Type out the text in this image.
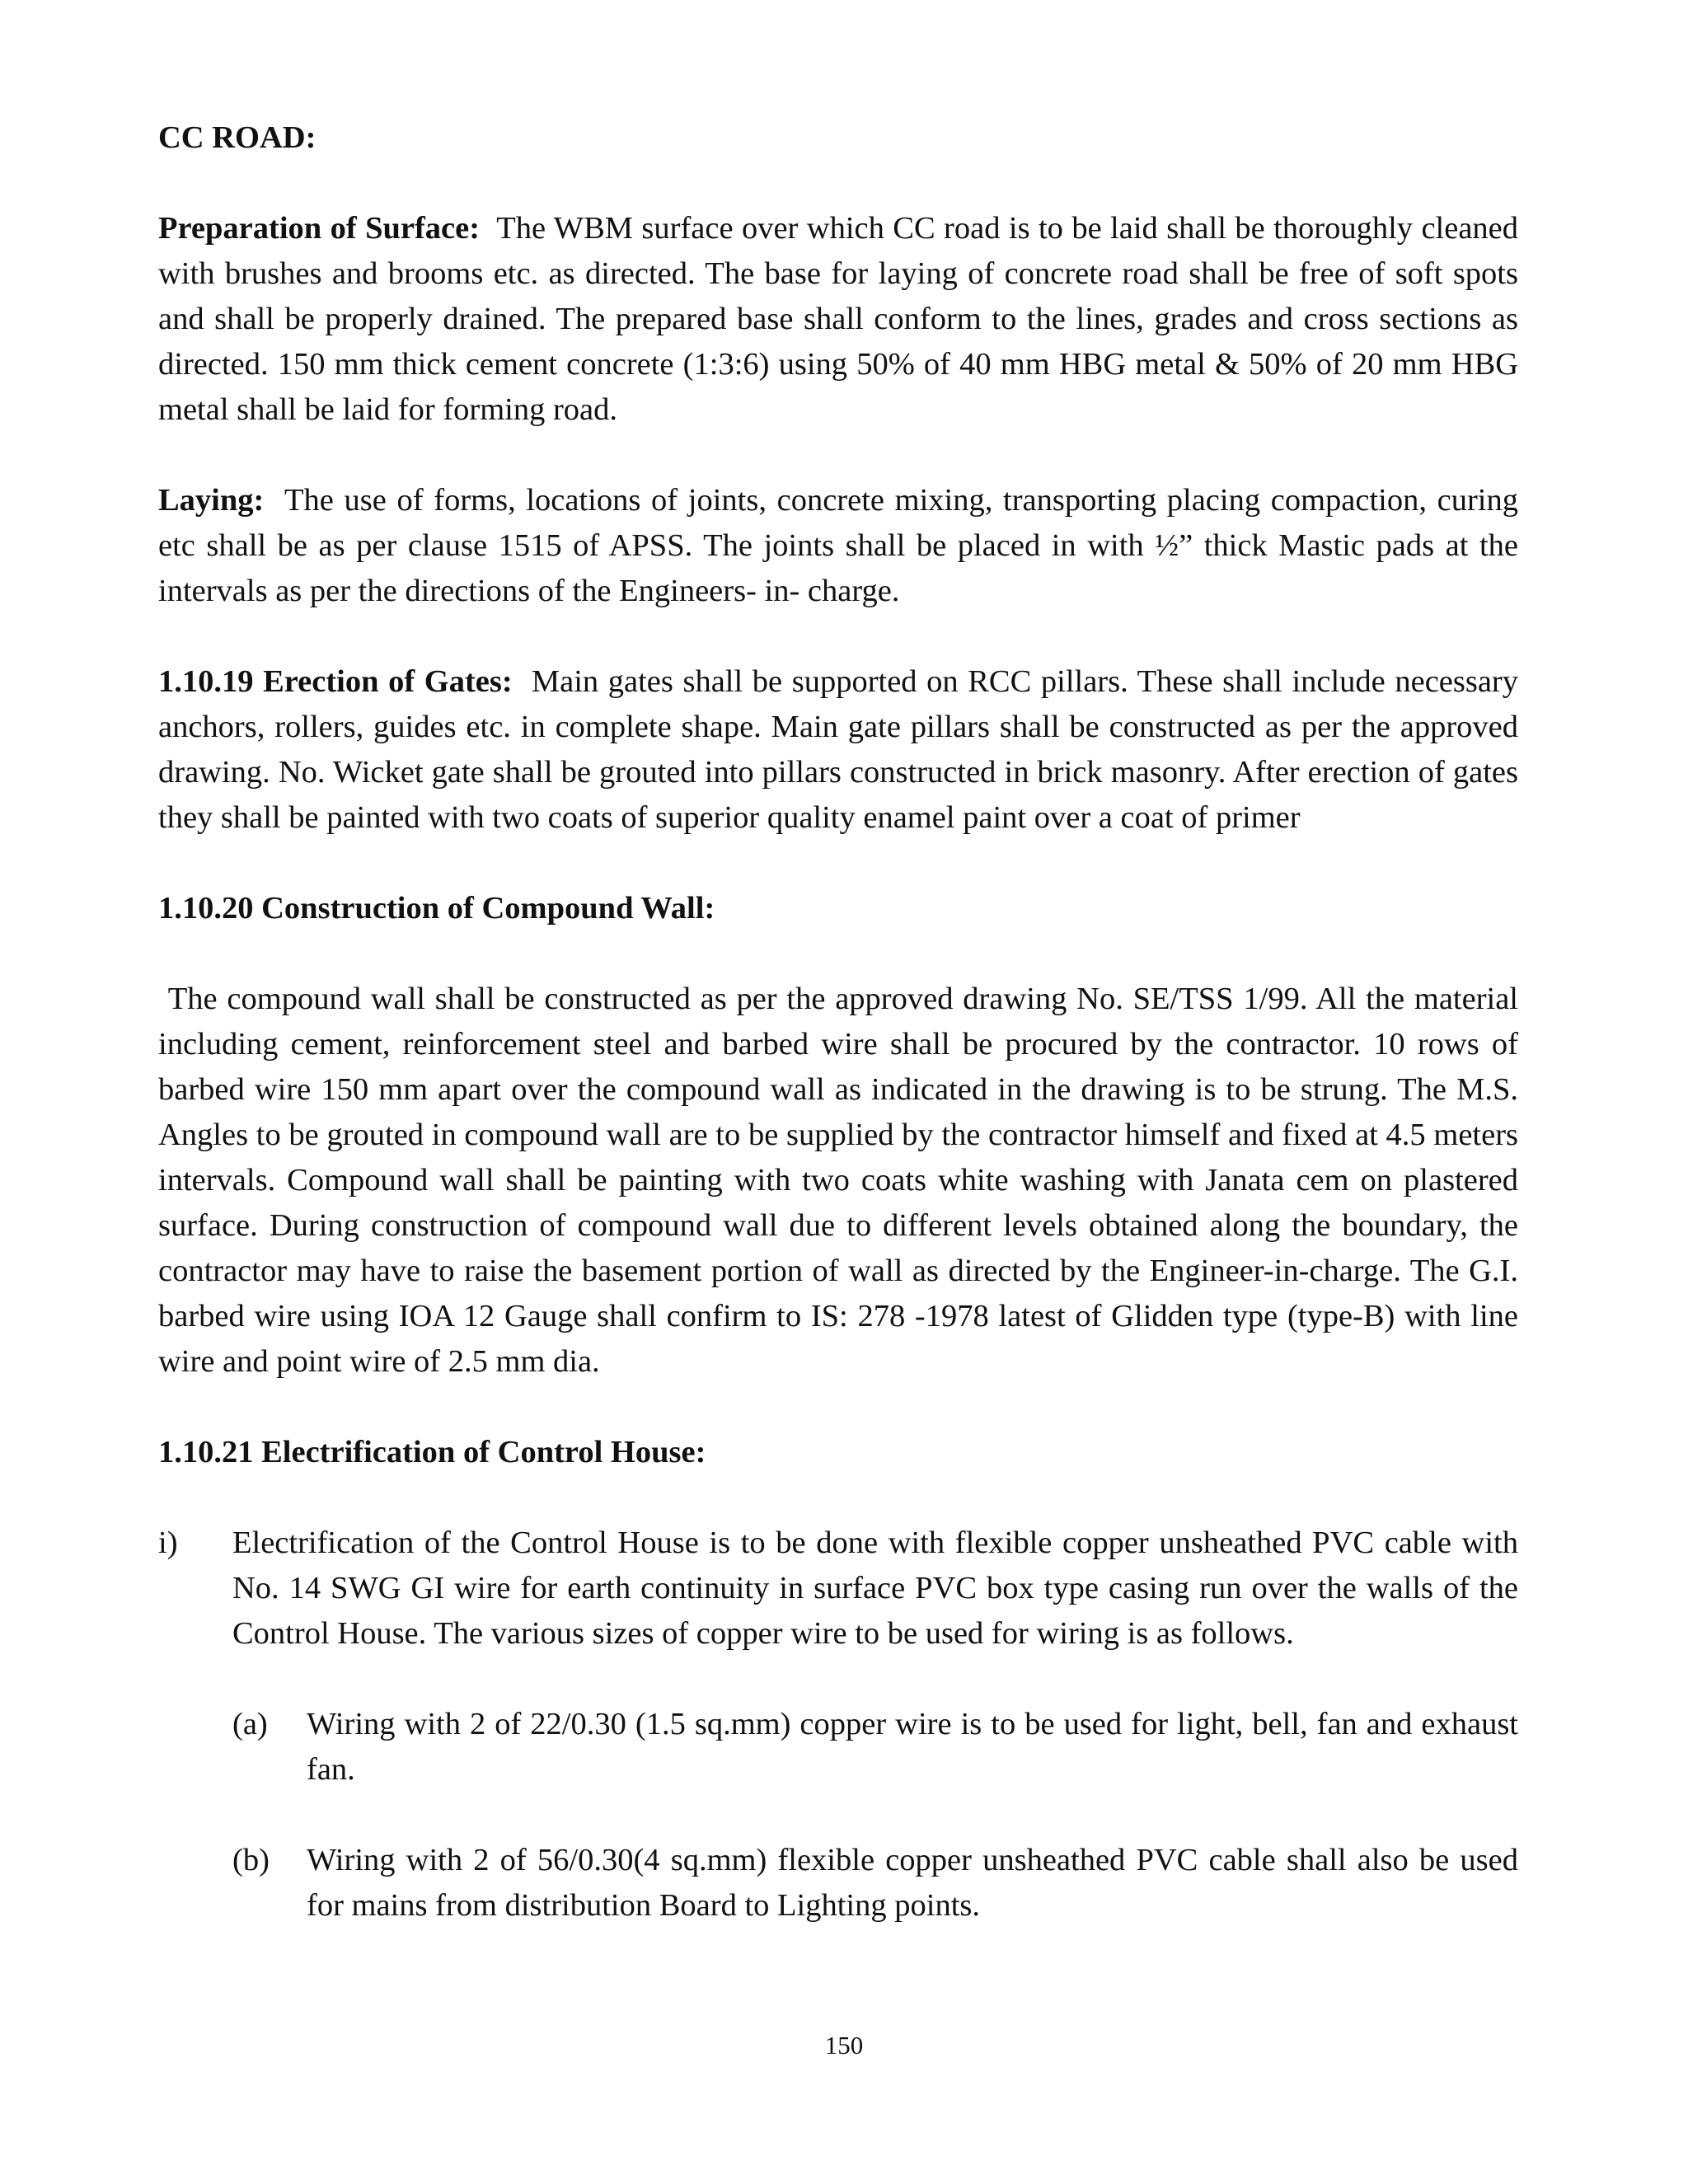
CC ROAD:

Preparation of Surface: The WBM surface over which CC road is to be laid shall be thoroughly cleaned with brushes and brooms etc. as directed. The base for laying of concrete road shall be free of soft spots and shall be properly drained. The prepared base shall conform to the lines, grades and cross sections as directed. 150 mm thick cement concrete (1:3:6) using 50% of 40 mm HBG metal & 50% of 20 mm HBG metal shall be laid for forming road.

Laying: The use of forms, locations of joints, concrete mixing, transporting placing compaction, curing etc shall be as per clause 1515 of APSS. The joints shall be placed in with ½” thick Mastic pads at the intervals as per the directions of the Engineers- in- charge.

1.10.19 Erection of Gates: Main gates shall be supported on RCC pillars. These shall include necessary anchors, rollers, guides etc. in complete shape. Main gate pillars shall be constructed as per the approved drawing. No. Wicket gate shall be grouted into pillars constructed in brick masonry. After erection of gates they shall be painted with two coats of superior quality enamel paint over a coat of primer

1.10.20 Construction of Compound Wall:

The compound wall shall be constructed as per the approved drawing No. SE/TSS 1/99. All the material including cement, reinforcement steel and barbed wire shall be procured by the contractor. 10 rows of barbed wire 150 mm apart over the compound wall as indicated in the drawing is to be strung. The M.S. Angles to be grouted in compound wall are to be supplied by the contractor himself and fixed at 4.5 meters intervals. Compound wall shall be painting with two coats white washing with Janata cem on plastered surface. During construction of compound wall due to different levels obtained along the boundary, the contractor may have to raise the basement portion of wall as directed by the Engineer-in-charge. The G.I. barbed wire using IOA 12 Gauge shall confirm to IS: 278 -1978 latest of Glidden type (type-B) with line wire and point wire of 2.5 mm dia.

1.10.21 Electrification of Control House:
i)	Electrification of the Control House is to be done with flexible copper unsheathed PVC cable with No. 14 SWG GI wire for earth continuity in surface PVC box type casing run over the walls of the Control House. The various sizes of copper wire to be used for wiring is as follows.
(a)	Wiring with 2 of 22/0.30 (1.5 sq.mm) copper wire is to be used for light, bell, fan and exhaust fan.
(b)	Wiring with 2 of 56/0.30(4 sq.mm) flexible copper unsheathed PVC cable shall also be used for mains from distribution Board to Lighting points.
150
